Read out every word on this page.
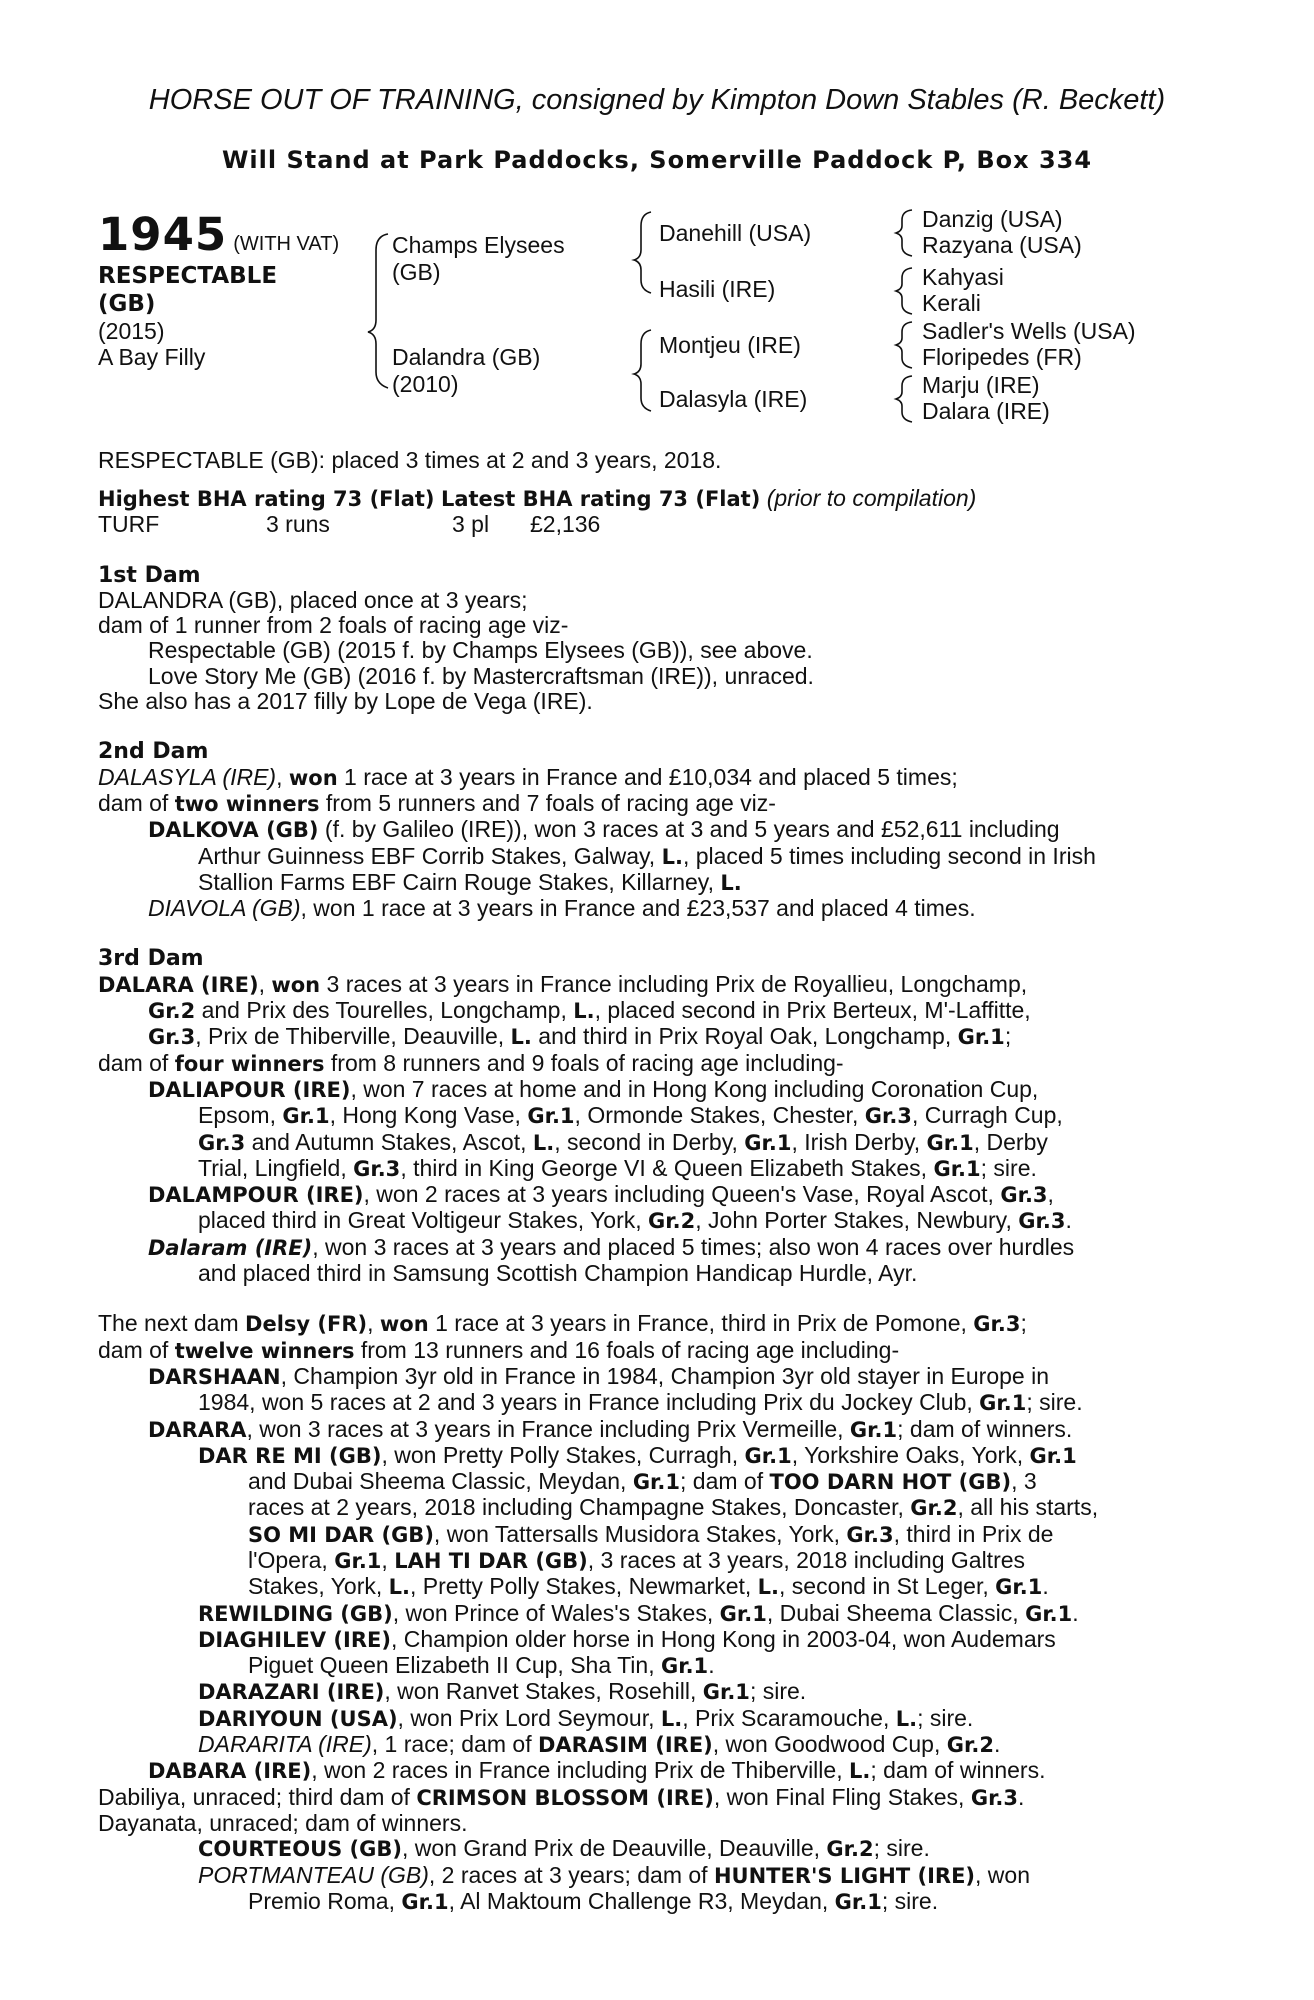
HORSE OUT OF TRAINING, consigned by Kimpton Down Stables (R. Beckett)
Will Stand at Park Paddocks, Somerville Paddock P, Box 334
1945 (WITH VAT)
RESPECTABLE
(GB)
(2015)
A Bay Filly
Champs Elysees
(GB)
Dalandra (GB)
(2010)
Danehill (USA)
Hasili (IRE)
Montjeu (IRE)
Dalasyla (IRE)
Danzig (USA)
Razyana (USA)
Kahyasi
Kerali
Sadler's Wells (USA)
Floripedes (FR)
Marju (IRE)
Dalara (IRE)
RESPECTABLE (GB): placed 3 times at 2 and 3 years, 2018.
Highest BHA rating 73 (Flat) Latest BHA rating 73 (Flat) (prior to compilation)
TURF	3 runs	3 pl £2,136
1st Dam
DALANDRA (GB), placed once at 3 years;
dam of 1 runner from 2 foals of racing age viz-
Respectable (GB) (2015 f. by Champs Elysees (GB)), see above.
Love Story Me (GB) (2016 f. by Mastercraftsman (IRE)), unraced.
She also has a 2017 filly by Lope de Vega (IRE).
2nd Dam
DALASYLA (IRE), won 1 race at 3 years in France and £10,034 and placed 5 times;
dam of two winners from 5 runners and 7 foals of racing age viz-
DALKOVA (GB) (f. by Galileo (IRE)), won 3 races at 3 and 5 years and £52,611 including
Arthur Guinness EBF Corrib Stakes, Galway, L., placed 5 times including second in Irish
Stallion Farms EBF Cairn Rouge Stakes, Killarney, L.
DIAVOLA (GB), won 1 race at 3 years in France and £23,537 and placed 4 times.
3rd Dam
DALARA (IRE), won 3 races at 3 years in France including Prix de Royallieu, Longchamp,
Gr.2 and Prix des Tourelles, Longchamp, L., placed second in Prix Berteux, M'-Laffitte,
Gr.3, Prix de Thiberville, Deauville, L. and third in Prix Royal Oak, Longchamp, Gr.1;
dam of four winners from 8 runners and 9 foals of racing age including-
DALIAPOUR (IRE), won 7 races at home and in Hong Kong including Coronation Cup,
Epsom, Gr.1, Hong Kong Vase, Gr.1, Ormonde Stakes, Chester, Gr.3, Curragh Cup,
Gr.3 and Autumn Stakes, Ascot, L., second in Derby, Gr.1, Irish Derby, Gr.1, Derby
Trial, Lingfield, Gr.3, third in King George VI & Queen Elizabeth Stakes, Gr.1; sire.
DALAMPOUR (IRE), won 2 races at 3 years including Queen's Vase, Royal Ascot, Gr.3,
placed third in Great Voltigeur Stakes, York, Gr.2, John Porter Stakes, Newbury, Gr.3.
Dalaram (IRE), won 3 races at 3 years and placed 5 times; also won 4 races over hurdles
and placed third in Samsung Scottish Champion Handicap Hurdle, Ayr.
The next dam Delsy (FR), won 1 race at 3 years in France, third in Prix de Pomone, Gr.3;
dam of twelve winners from 13 runners and 16 foals of racing age including-
DARSHAAN, Champion 3yr old in France in 1984, Champion 3yr old stayer in Europe in
1984, won 5 races at 2 and 3 years in France including Prix du Jockey Club, Gr.1; sire.
DARARA, won 3 races at 3 years in France including Prix Vermeille, Gr.1; dam of winners.
DAR RE MI (GB), won Pretty Polly Stakes, Curragh, Gr.1, Yorkshire Oaks, York, Gr.1
and Dubai Sheema Classic, Meydan, Gr.1; dam of TOO DARN HOT (GB), 3
races at 2 years, 2018 including Champagne Stakes, Doncaster, Gr.2, all his starts,
SO MI DAR (GB), won Tattersalls Musidora Stakes, York, Gr.3, third in Prix de
l'Opera, Gr.1, LAH TI DAR (GB), 3 races at 3 years, 2018 including Galtres
Stakes, York, L., Pretty Polly Stakes, Newmarket, L., second in St Leger, Gr.1.
REWILDING (GB), won Prince of Wales's Stakes, Gr.1, Dubai Sheema Classic, Gr.1.
DIAGHILEV (IRE), Champion older horse in Hong Kong in 2003-04, won Audemars
Piguet Queen Elizabeth II Cup, Sha Tin, Gr.1.
DARAZARI (IRE), won Ranvet Stakes, Rosehill, Gr.1; sire.
DARIYOUN (USA), won Prix Lord Seymour, L., Prix Scaramouche, L.; sire.
DARARITA (IRE), 1 race; dam of DARASIM (IRE), won Goodwood Cup, Gr.2.
DABARA (IRE), won 2 races in France including Prix de Thiberville, L.; dam of winners.
Dabiliya, unraced; third dam of CRIMSON BLOSSOM (IRE), won Final Fling Stakes, Gr.3.
Dayanata, unraced; dam of winners.
COURTEOUS (GB), won Grand Prix de Deauville, Deauville, Gr.2; sire.
PORTMANTEAU (GB), 2 races at 3 years; dam of HUNTER'S LIGHT (IRE), won
Premio Roma, Gr.1, Al Maktoum Challenge R3, Meydan, Gr.1; sire.
